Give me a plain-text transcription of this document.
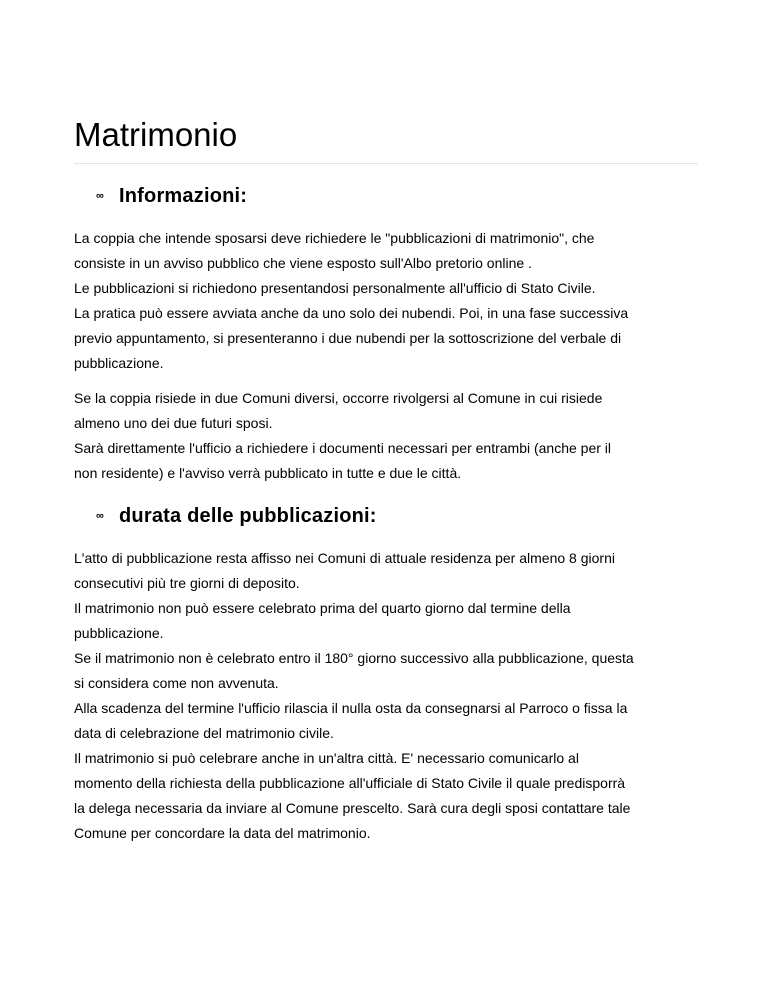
Matrimonio
∞ Informazioni:

La coppia che intende sposarsi deve richiedere le "pubblicazioni di matrimonio", che
consiste in un avviso pubblico che viene esposto sull'Albo pretorio online .
Le pubblicazioni si richiedono presentandosi personalmente all'ufficio di Stato Civile.
La pratica può essere avviata anche da uno solo dei nubendi. Poi, in una fase successiva
previo appuntamento, si presenteranno i due nubendi per la sottoscrizione del verbale di
pubblicazione.

Se la coppia risiede in due Comuni diversi, occorre rivolgersi al Comune in cui risiede
almeno uno dei due futuri sposi.
Sarà direttamente l'ufficio a richiedere i documenti necessari per entrambi (anche per il
non residente) e l'avviso verrà pubblicato in tutte e due le città.

∞ durata delle pubblicazioni:

L'atto di pubblicazione resta affisso nei Comuni di attuale residenza per almeno 8 giorni
consecutivi più tre giorni di deposito.
Il matrimonio non può essere celebrato prima del quarto giorno dal termine della
pubblicazione.
Se il matrimonio non è celebrato entro il 180° giorno successivo alla pubblicazione, questa
si considera come non avvenuta.
Alla scadenza del termine l'ufficio rilascia il nulla osta da consegnarsi al Parroco o fissa la
data di celebrazione del matrimonio civile.
Il matrimonio si può celebrare anche in un'altra città. E' necessario comunicarlo al
momento della richiesta della pubblicazione all'ufficiale di Stato Civile il quale predisporrà
la delega necessaria da inviare al Comune prescelto. Sarà cura degli sposi contattare tale
Comune per concordare la data del matrimonio.
